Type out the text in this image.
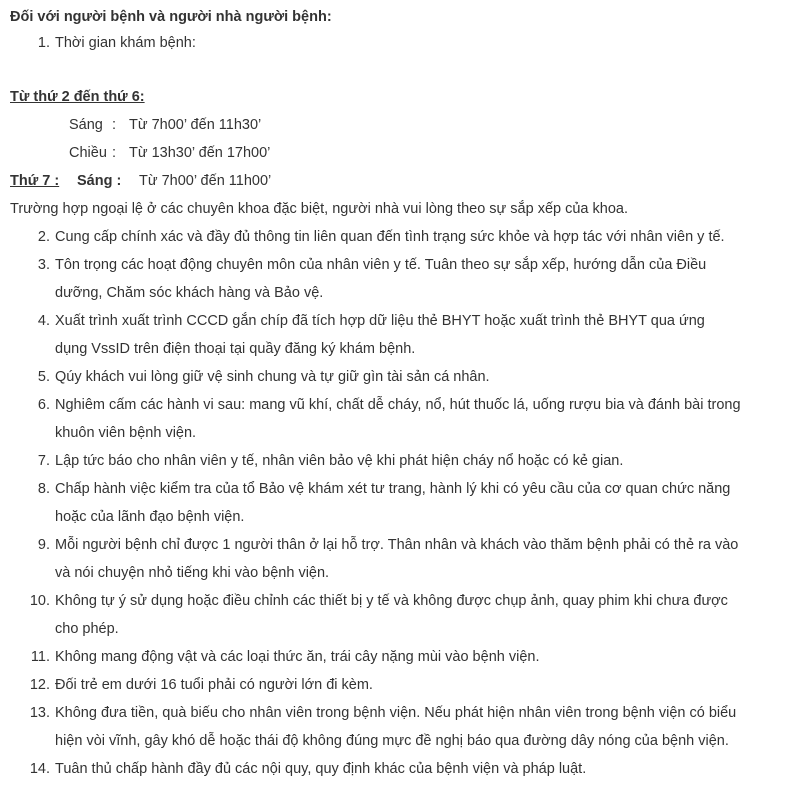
Đối với người bệnh và người nhà người bệnh:
1. Thời gian khám bệnh:
Từ thứ 2 đến thứ 6:
Sáng : Từ 7h00’ đến 11h30’
Chiều : Từ 13h30’ đến 17h00’
Thứ 7 : Sáng : Từ 7h00’ đến 11h00’
Trường hợp ngoại lệ ở các chuyên khoa đặc biệt, người nhà vui lòng theo sự sắp xếp của khoa.
2. Cung cấp chính xác và đầy đủ thông tin liên quan đến tình trạng sức khỏe và hợp tác với nhân viên y tế.
3. Tôn trọng các hoạt động chuyên môn của nhân viên y tế. Tuân theo sự sắp xếp, hướng dẫn của Điều
dưỡng, Chăm sóc khách hàng và Bảo vệ.
4. Xuất trình xuất trình CCCD gắn chíp đã tích hợp dữ liệu thẻ BHYT hoặc xuất trình thẻ BHYT qua ứng
dụng VssID trên điện thoại tại quầy đăng ký khám bệnh.
5. Qúy khách vui lòng giữ vệ sinh chung và tự giữ gìn tài sản cá nhân.
6. Nghiêm cấm các hành vi sau: mang vũ khí, chất dễ cháy, nổ, hút thuốc lá, uống rượu bia và đánh bài trong
khuôn viên bệnh viện.
7. Lập tức báo cho nhân viên y tế, nhân viên bảo vệ khi phát hiện cháy nổ hoặc có kẻ gian.
8. Chấp hành việc kiểm tra của tổ Bảo vệ khám xét tư trang, hành lý khi có yêu cầu của cơ quan chức năng
hoặc của lãnh đạo bệnh viện.
9. Mỗi người bệnh chỉ được 1 người thân ở lại hỗ trợ. Thân nhân và khách vào thăm bệnh phải có thẻ ra vào
và nói chuyện nhỏ tiếng khi vào bệnh viện.
10. Không tự ý sử dụng hoặc điều chỉnh các thiết bị y tế và không được chụp ảnh, quay phim khi chưa được
cho phép.
11. Không mang động vật và các loại thức ăn, trái cây nặng mùi vào bệnh viện.
12. Đối trẻ em dưới 16 tuổi phải có người lớn đi kèm.
13. Không đưa tiền, quà biếu cho nhân viên trong bệnh viện. Nếu phát hiện nhân viên trong bệnh viện có biểu
hiện vòi vĩnh, gây khó dễ hoặc thái độ không đúng mực đề nghị báo qua đường dây nóng của bệnh viện.
14. Tuân thủ chấp hành đầy đủ các nội quy, quy định khác của bệnh viện và pháp luật.
